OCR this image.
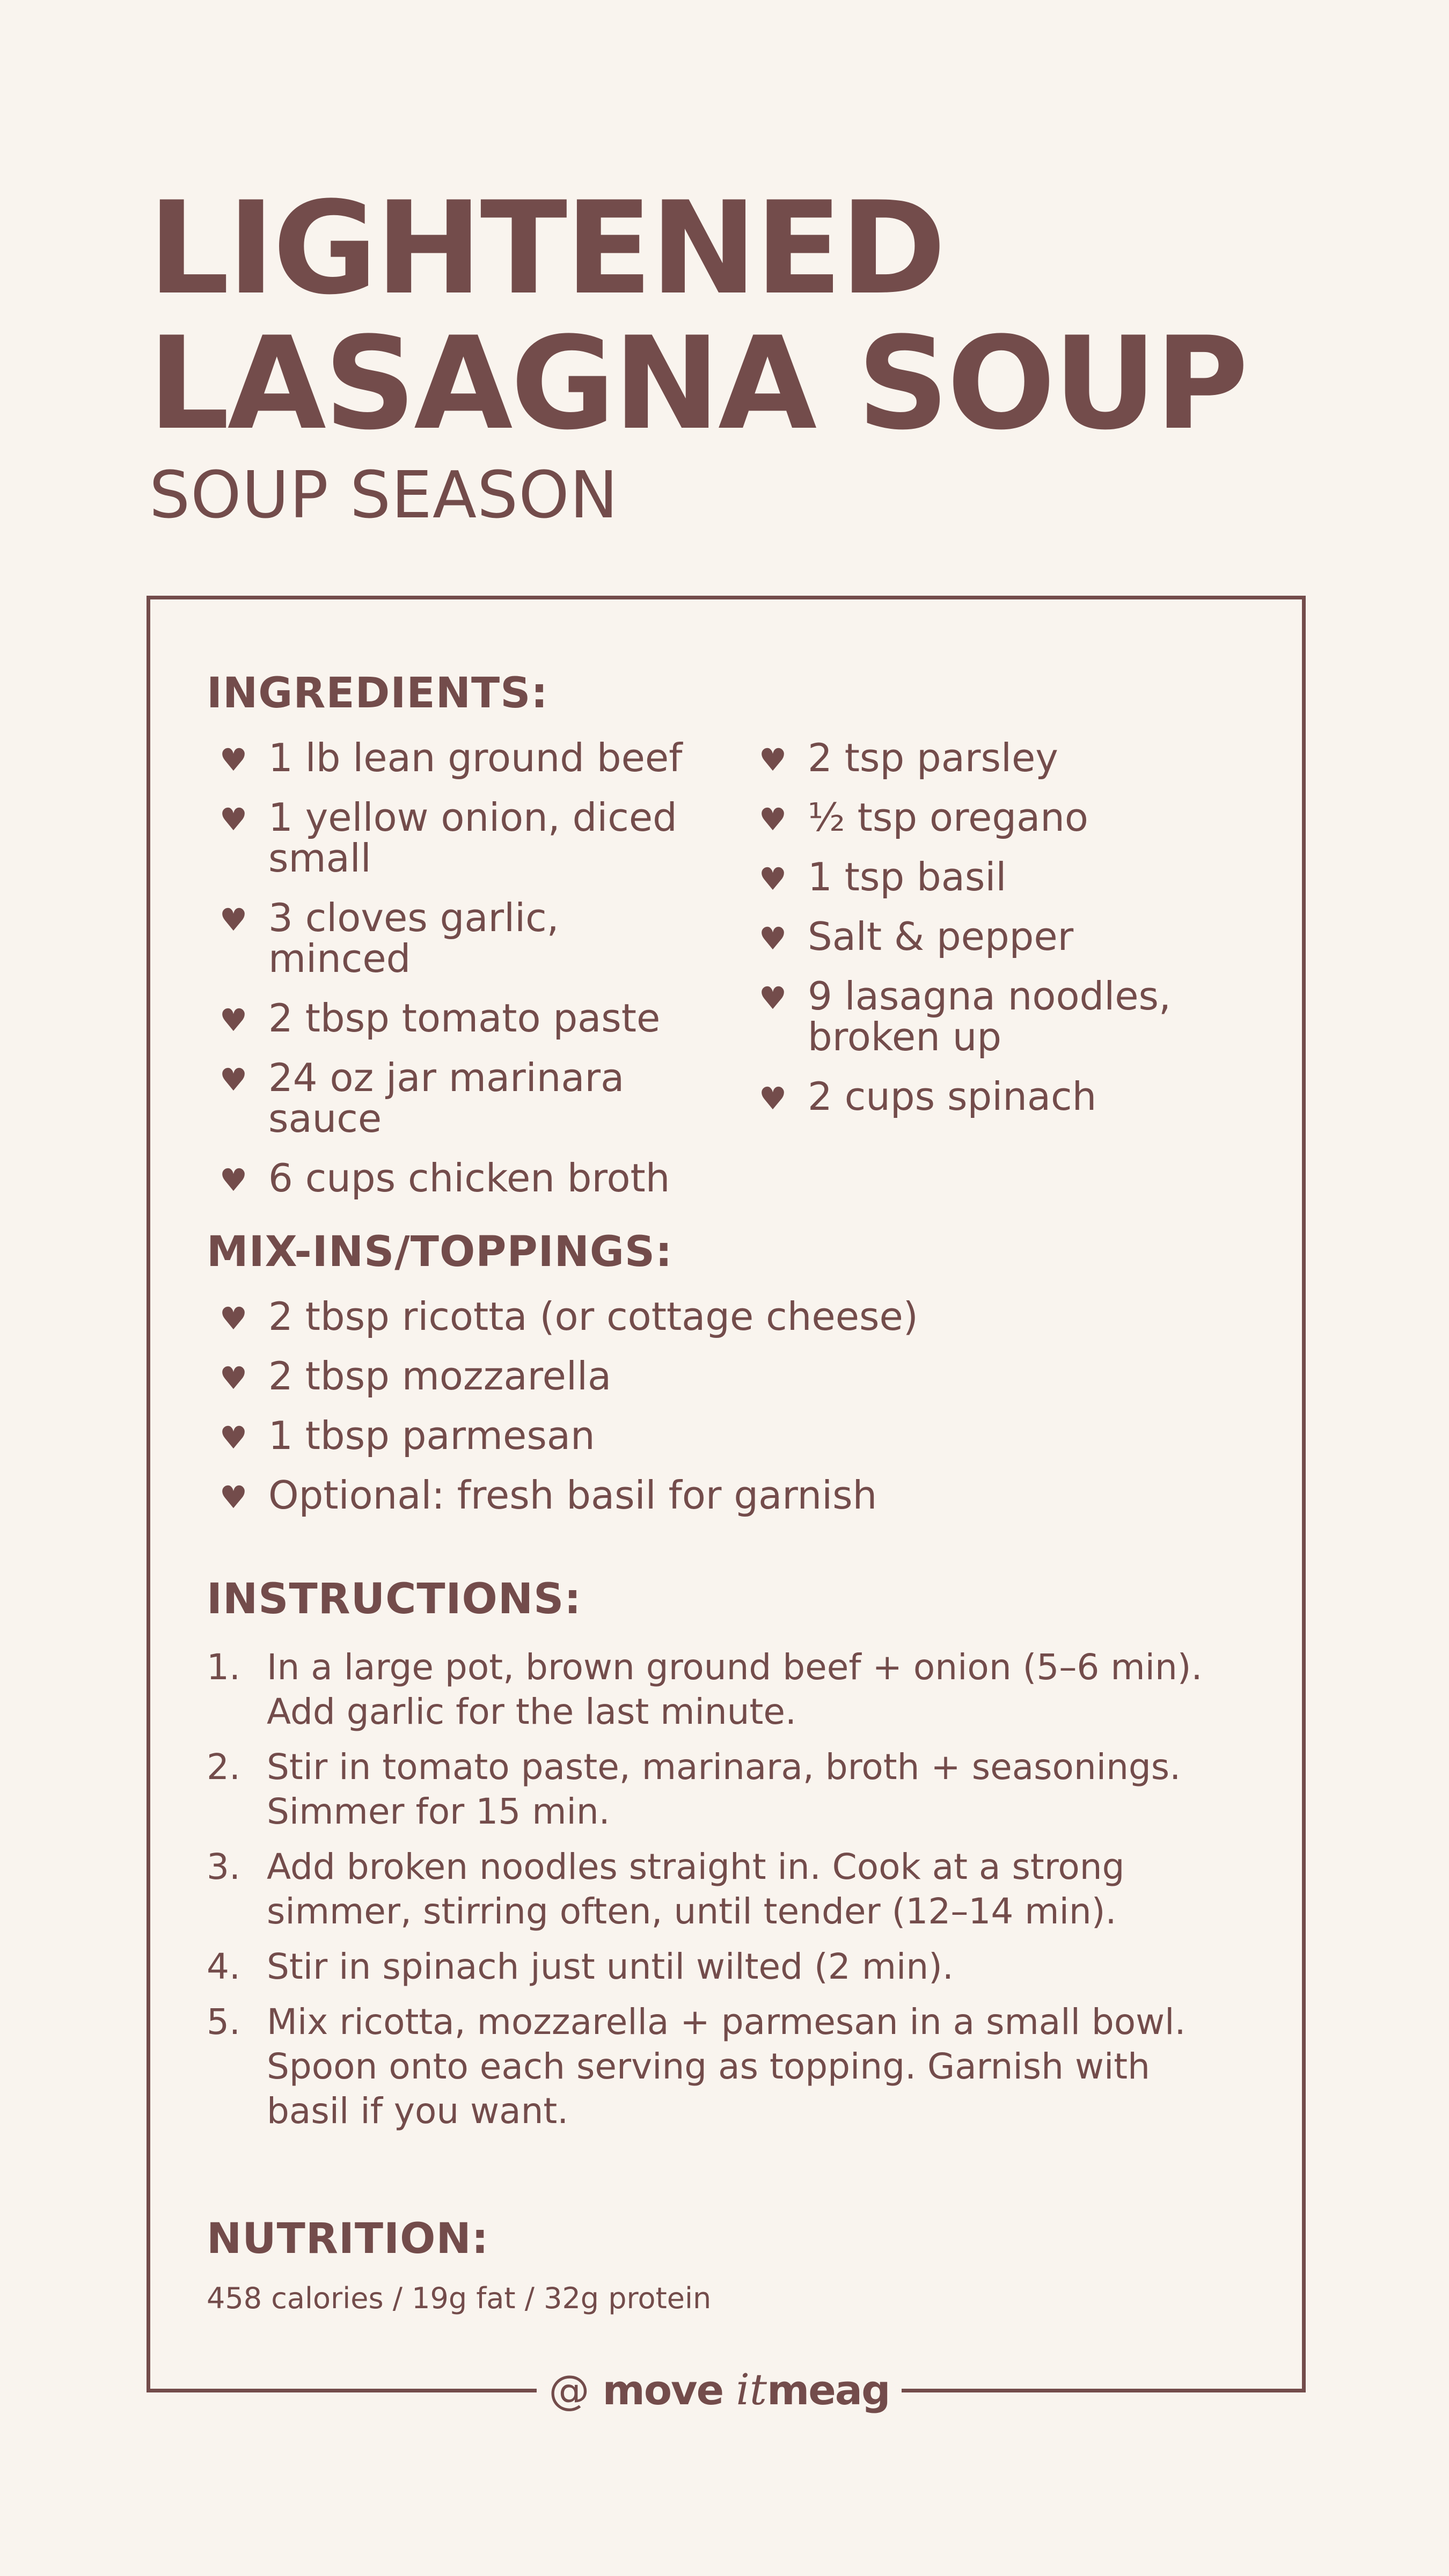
LIGHTENED
LASAGNA SOUP
SOUP SEASON
INGREDIENTS:
♥ 1 lb lean ground beef
♥ 1 yellow onion, diced small
♥ 3 cloves garlic, minced
♥ 2 tbsp tomato paste
♥ 24 oz jar marinara sauce
♥ 6 cups chicken broth
♥ 2 tsp parsley
♥ ½ tsp oregano
♥ 1 tsp basil
♥ Salt & pepper
♥ 9 lasagna noodles, broken up
♥ 2 cups spinach
MIX-INS/TOPPINGS:
♥ 2 tbsp ricotta (or cottage cheese)
♥ 2 tbsp mozzarella
♥ 1 tbsp parmesan
♥ Optional: fresh basil for garnish
INSTRUCTIONS:
1. In a large pot, brown ground beef + onion (5–6 min). Add garlic for the last minute.
2. Stir in tomato paste, marinara, broth + seasonings. Simmer for 15 min.
3. Add broken noodles straight in. Cook at a strong simmer, stirring often, until tender (12–14 min).
4. Stir in spinach just until wilted (2 min).
5. Mix ricotta, mozzarella + parmesan in a small bowl. Spoon onto each serving as topping. Garnish with basil if you want.
NUTRITION:
458 calories / 19g fat / 32g protein
@ move itmeag
